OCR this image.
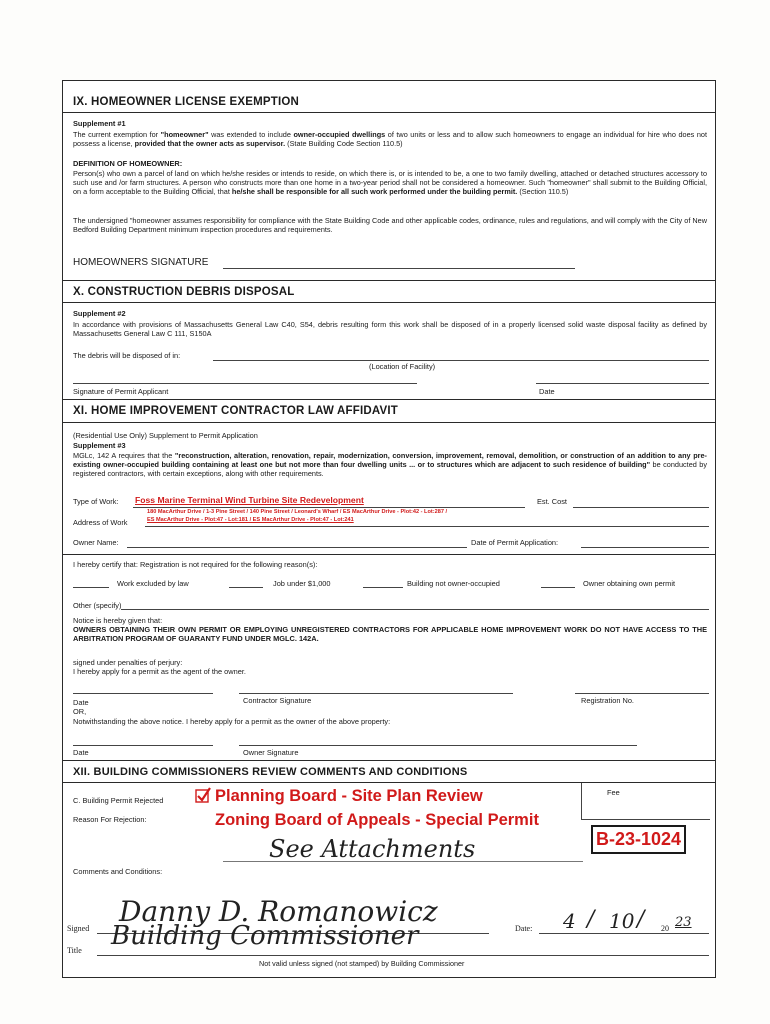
IX. HOMEOWNER LICENSE EXEMPTION
Supplement #1
The current exemption for "homeowner" was extended to include owner-occupied dwellings of two units or less and to allow such homeowners to engage an individual for hire who does not possess a license, provided that the owner acts as supervisor. (State Building Code Section 110.5)
DEFINITION OF HOMEOWNER:
Person(s) who own a parcel of land on which he/she resides or intends to reside, on which there is, or is intended to be, a one to two family dwelling, attached or detached structures accessory to such use and /or farm structures. A person who constructs more than one home in a two-year period shall not be considered a homeowner. Such "homeowner" shall submit to the Building Official, on a form acceptable to the Building Official, that he/she shall be responsible for all such work performed under the building permit. (Section 110.5)
The undersigned "homeowner assumes responsibility for compliance with the State Building Code and other applicable codes, ordinance, rules and regulations, and will comply with the City of New Bedford Building Department minimum inspection procedures and requirements.
HOMEOWNERS SIGNATURE
X. CONSTRUCTION DEBRIS DISPOSAL
Supplement #2
In accordance with provisions of Massachusetts General Law C40, S54, debris resulting form this work shall be disposed of in a properly licensed solid waste disposal facility as defined by Massachusetts General Law C 111, S150A
The debris will be disposed of in:
(Location of Facility)
Signature of Permit Applicant	Date
XI. HOME IMPROVEMENT CONTRACTOR LAW AFFIDAVIT
(Residential Use Only) Supplement to Permit Application
Supplement #3
MGLc, 142 A requires that the "reconstruction, alteration, renovation, repair, modernization, conversion, improvement, removal, demolition, or construction of an addition to any pre-existing owner-occupied building containing at least one but not more than four dwelling units ... or to structures which are adjacent to such residence of building" be conducted by registered contractors, with certain exceptions, along with other requirements.
Type of Work: Foss Marine Terminal Wind Turbine Site Redevelopment	Est. Cost
180 MacArthur Drive / 1-3 Pine Street / 140 Pine Street / Leonard's Wharf / ES MacArthur Drive - Plot:42 - Lot:287 /
Address of Work	ES MacArthur Drive - Plot:47 - Lot:181 / ES MacArthur Drive - Plot:47 - Lot:241
Owner Name:	Date of Permit Application:
I hereby certify that: Registration is not required for the following reason(s):
Work excluded by law	Job under $1,000	Building not owner-occupied	Owner obtaining own permit
Other (specify)
Notice is hereby given that:
OWNERS OBTAINING THEIR OWN PERMIT OR EMPLOYING UNREGISTERED CONTRACTORS FOR APPLICABLE HOME IMPROVEMENT WORK DO NOT HAVE ACCESS TO THE ARBITRATION PROGRAM OF GUARANTY FUND UNDER MGLC. 142A.
signed under penalties of perjury:
I hereby apply for a permit as the agent of the owner.
Contractor Signature	Registration No.
Date
OR,
Notwithstanding the above notice. I hereby apply for a permit as the owner of the above property:
Date	Owner Signature
XII. BUILDING COMMISSIONERS REVIEW COMMENTS AND CONDITIONS
C. Building Permit Rejected	Planning Board - Site Plan Review	Fee
Reason For Rejection:	Zoning Board of Appeals - Special Permit
B-23-1024
See Attachments
Comments and Conditions:
Signed
Danny D. Romanowicz
Date: 4 / 10 / 20 23
Title Building Commissioner
Not valid unless signed (not stamped) by Building Commissioner
